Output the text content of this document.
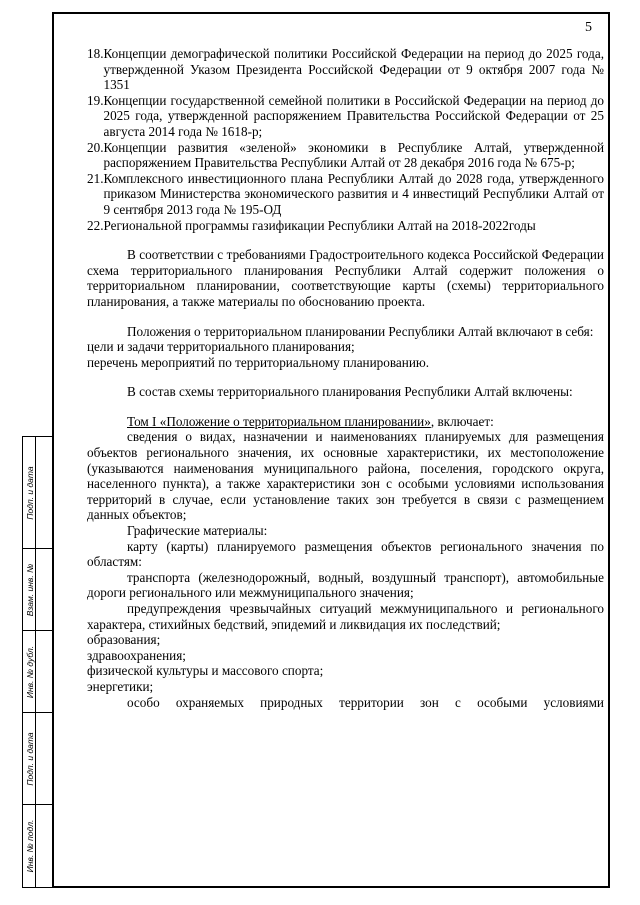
5
18. Концепции демографической политики Российской Федерации на период до 2025 года, утвержденной Указом Президента Российской Федерации от 9 октября 2007 года № 1351
19. Концепции государственной семейной политики в Российской Федерации на период до 2025 года, утвержденной распоряжением Правительства Российской Федерации от 25 августа 2014 года № 1618-р;
20. Концепции развития «зеленой» экономики в Республике Алтай, утвержденной распоряжением Правительства Республики Алтай от 28 декабря 2016 года № 675-р;
21. Комплексного инвестиционного плана Республики Алтай до 2028 года, утвержденного приказом Министерства экономического развития и 4 инвестиций Республики Алтай от 9 сентября 2013 года № 195-ОД
22. Региональной программы газификации Республики Алтай на 2018-2022годы

В соответствии с требованиями Градостроительного кодекса Российской Федерации схема территориального планирования Республики Алтай содержит положения о территориальном планировании, соответствующие карты (схемы) территориального планирования, а также материалы по обоснованию проекта.

Положения о территориальном планировании Республики Алтай включают в себя:

цели и задачи территориального планирования;

перечень мероприятий по территориальному планированию.

В состав схемы территориального планирования Республики Алтай включены:

Том I «Положение о территориальном планировании», включает:

сведения о видах, назначении и наименованиях планируемых для размещения объектов регионального значения, их основные характеристики, их местоположение (указываются наименования муниципального района, поселения, городского округа, населенного пункта), а также характеристики зон с особыми условиями использования территорий в случае, если установление таких зон требуется в связи с размещением данных объектов;

Графические материалы:

карту (карты) планируемого размещения объектов регионального значения по областям:

транспорта (железнодорожный, водный, воздушный транспорт), автомобильные дороги регионального или межмуниципального значения;

предупреждения чрезвычайных ситуаций межмуниципального и регионального характера, стихийных бедствий, эпидемий и ликвидация их последствий;

образования;

здравоохранения;

физической культуры и массового спорта;

энергетики;

особо охраняемых природных территории зон с особыми условиями

Подп. и дата
Взам. инв. №
Инв. № дубл.
Подп. и дата
Инв. № подл.
